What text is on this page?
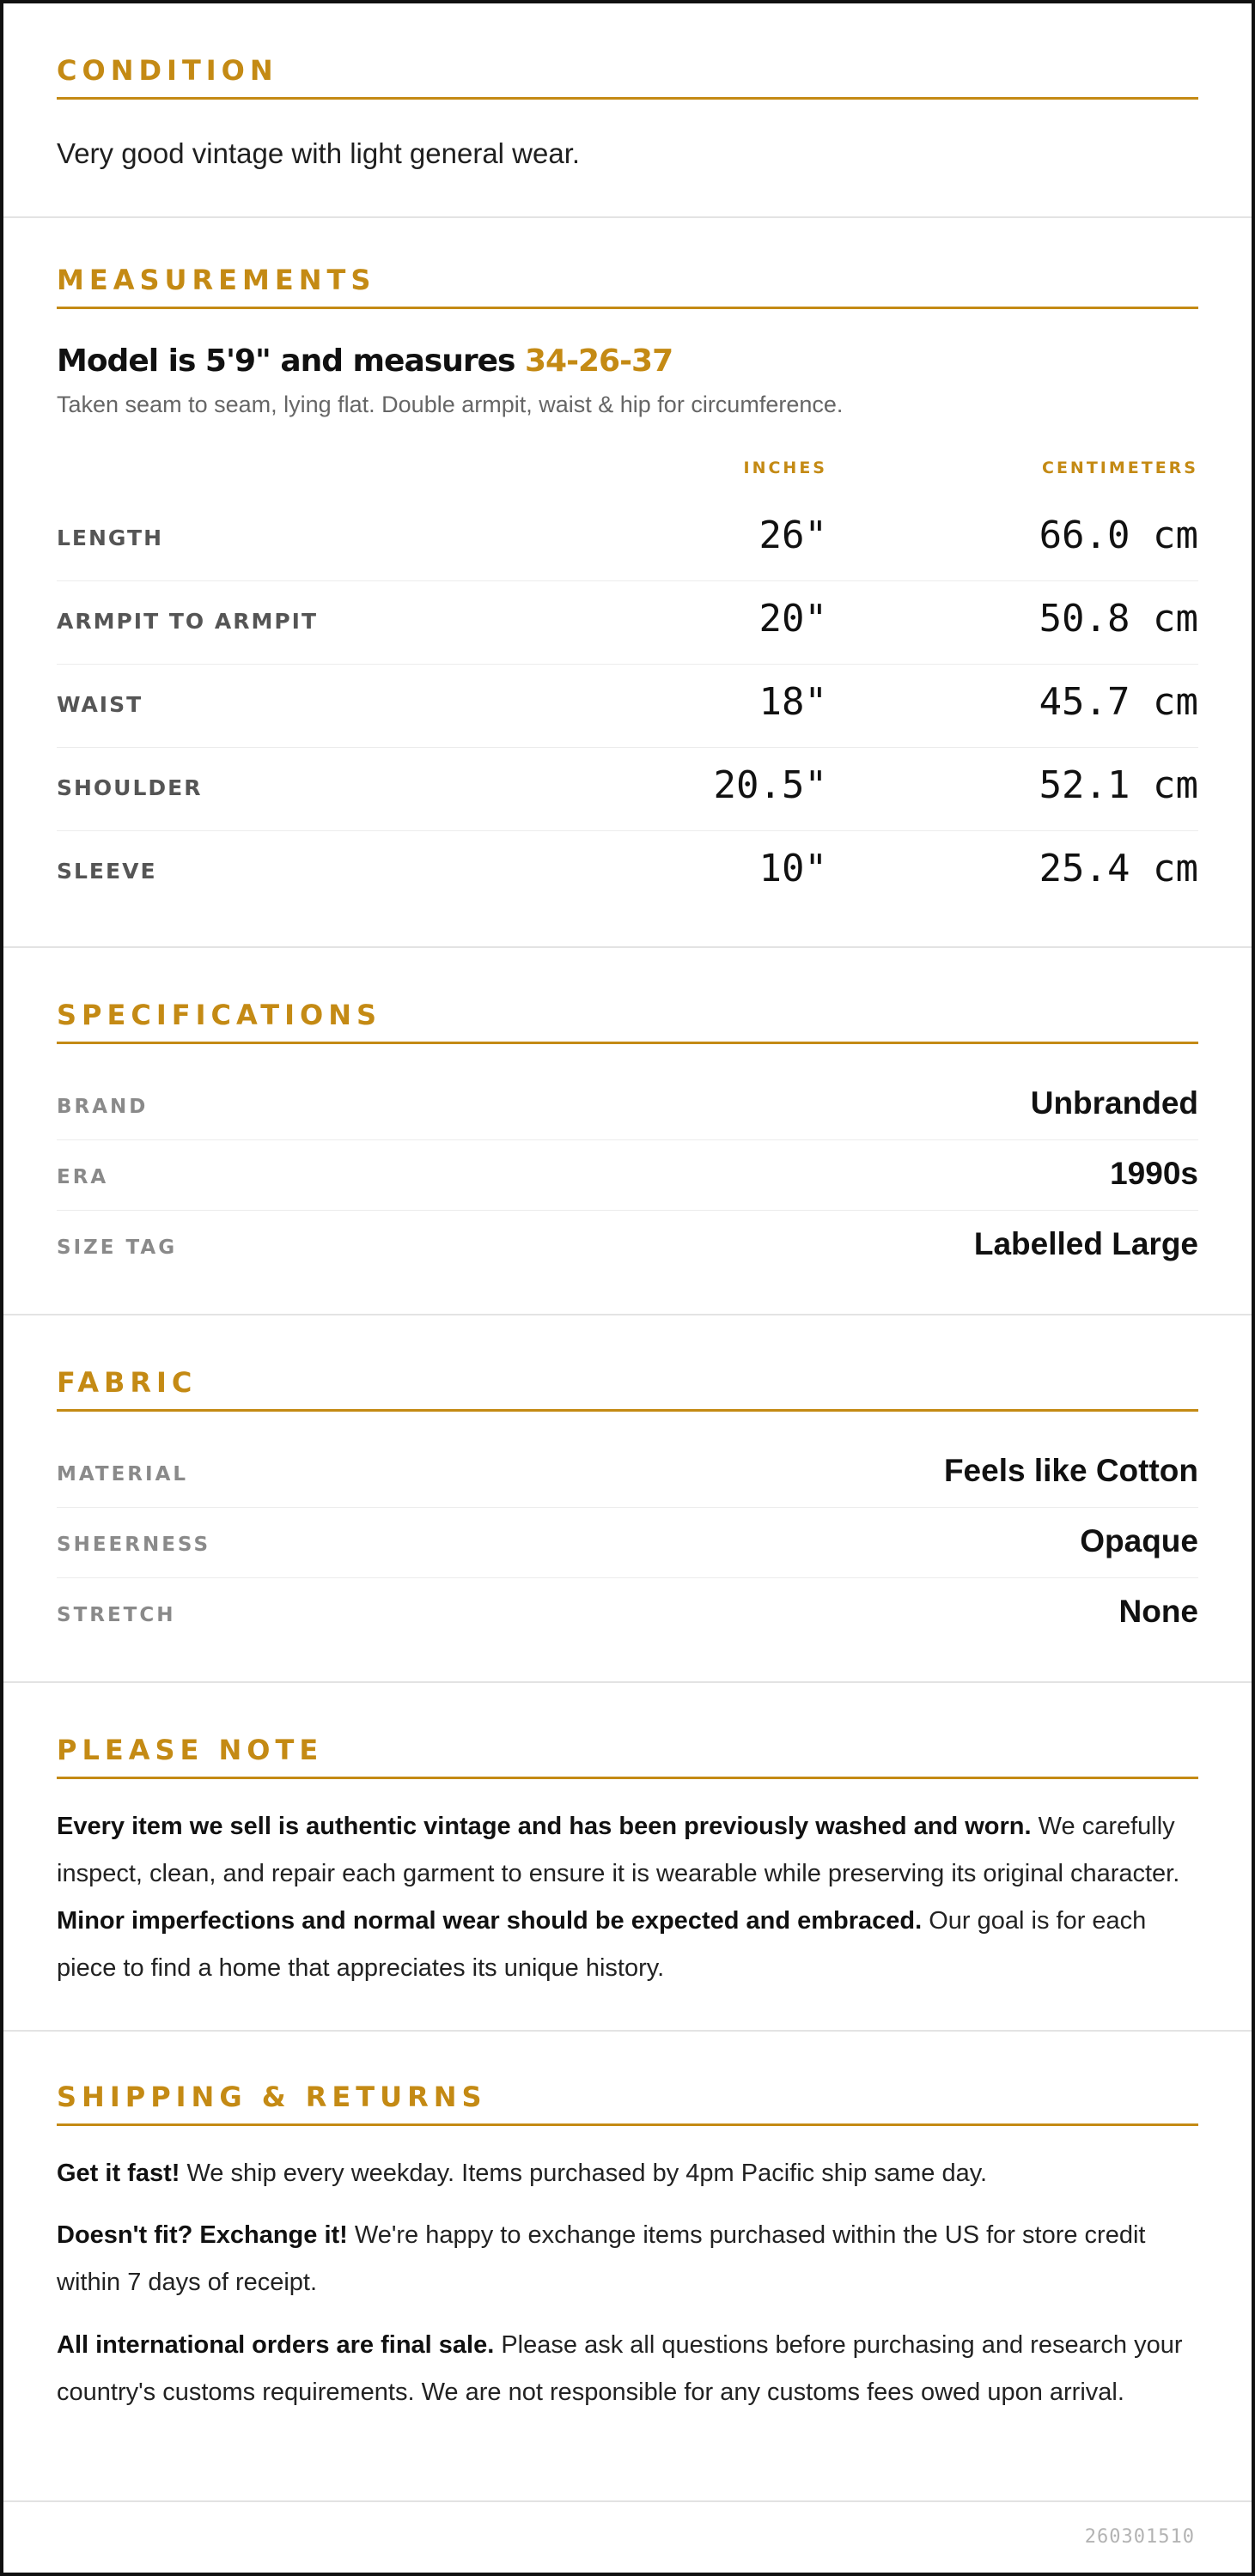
CONDITION
Very good vintage with light general wear.
MEASUREMENTS
Model is 5'9" and measures 34-26-37
Taken seam to seam, lying flat. Double armpit, waist & hip for circumference.
INCHES	CENTIMETERS
LENGTH	26"	66.0 cm
ARMPIT TO ARMPIT	20"	50.8 cm
WAIST	18"	45.7 cm
SHOULDER	20.5"	52.1 cm
SLEEVE	10"	25.4 cm
SPECIFICATIONS
BRAND	Unbranded
ERA	1990s
SIZE TAG	Labelled Large
FABRIC
MATERIAL	Feels like Cotton
SHEERNESS	Opaque
STRETCH	None
PLEASE NOTE
Every item we sell is authentic vintage and has been previously washed and worn. We carefully inspect, clean, and repair each garment to ensure it is wearable while preserving its original character. Minor imperfections and normal wear should be expected and embraced. Our goal is for each piece to find a home that appreciates its unique history.
SHIPPING & RETURNS
Get it fast! We ship every weekday. Items purchased by 4pm Pacific ship same day.
Doesn't fit? Exchange it! We're happy to exchange items purchased within the US for store credit within 7 days of receipt.
All international orders are final sale. Please ask all questions before purchasing and research your country's customs requirements. We are not responsible for any customs fees owed upon arrival.
260301510
